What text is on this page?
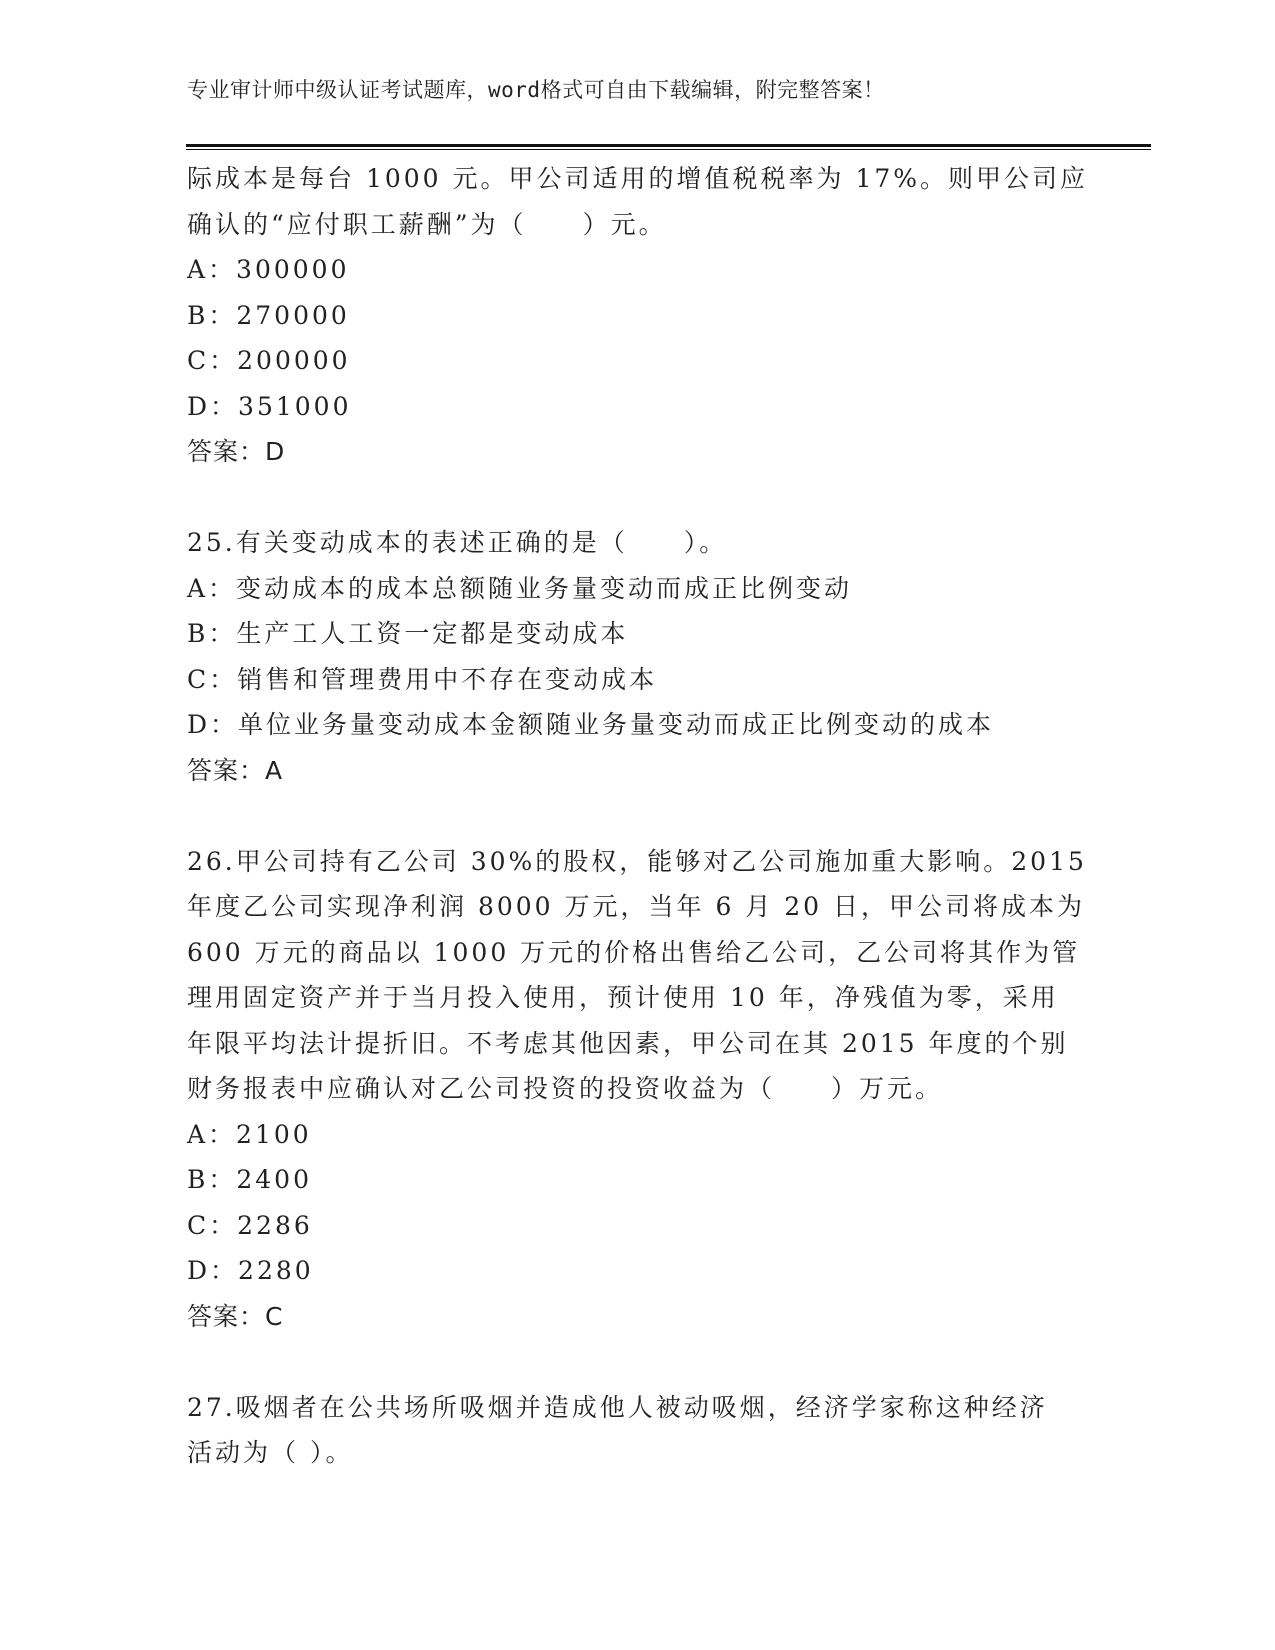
专业审计师中级认证考试题库，word格式可自由下载编辑，附完整答案！

际成本是每台 1000 元。甲公司适用的增值税税率为 17%。则甲公司应

确认的“应付职工薪酬”为（　　）元。

A：300000

B：270000

C：200000

D：351000

答案：D

25.有关变动成本的表述正确的是（　　）。

A：变动成本的成本总额随业务量变动而成正比例变动

B：生产工人工资一定都是变动成本

C：销售和管理费用中不存在变动成本

D：单位业务量变动成本金额随业务量变动而成正比例变动的成本

答案：A

26.甲公司持有乙公司 30%的股权，能够对乙公司施加重大影响。2015

年度乙公司实现净利润 8000 万元，当年 6 月 20 日，甲公司将成本为

600 万元的商品以 1000 万元的价格出售给乙公司，乙公司将其作为管

理用固定资产并于当月投入使用，预计使用 10 年，净残值为零，采用

年限平均法计提折旧。不考虑其他因素，甲公司在其 2015 年度的个别

财务报表中应确认对乙公司投资的投资收益为（　　）万元。

A：2100

B：2400

C：2286

D：2280

答案：C

27.吸烟者在公共场所吸烟并造成他人被动吸烟，经济学家称这种经济

活动为（ ）。
